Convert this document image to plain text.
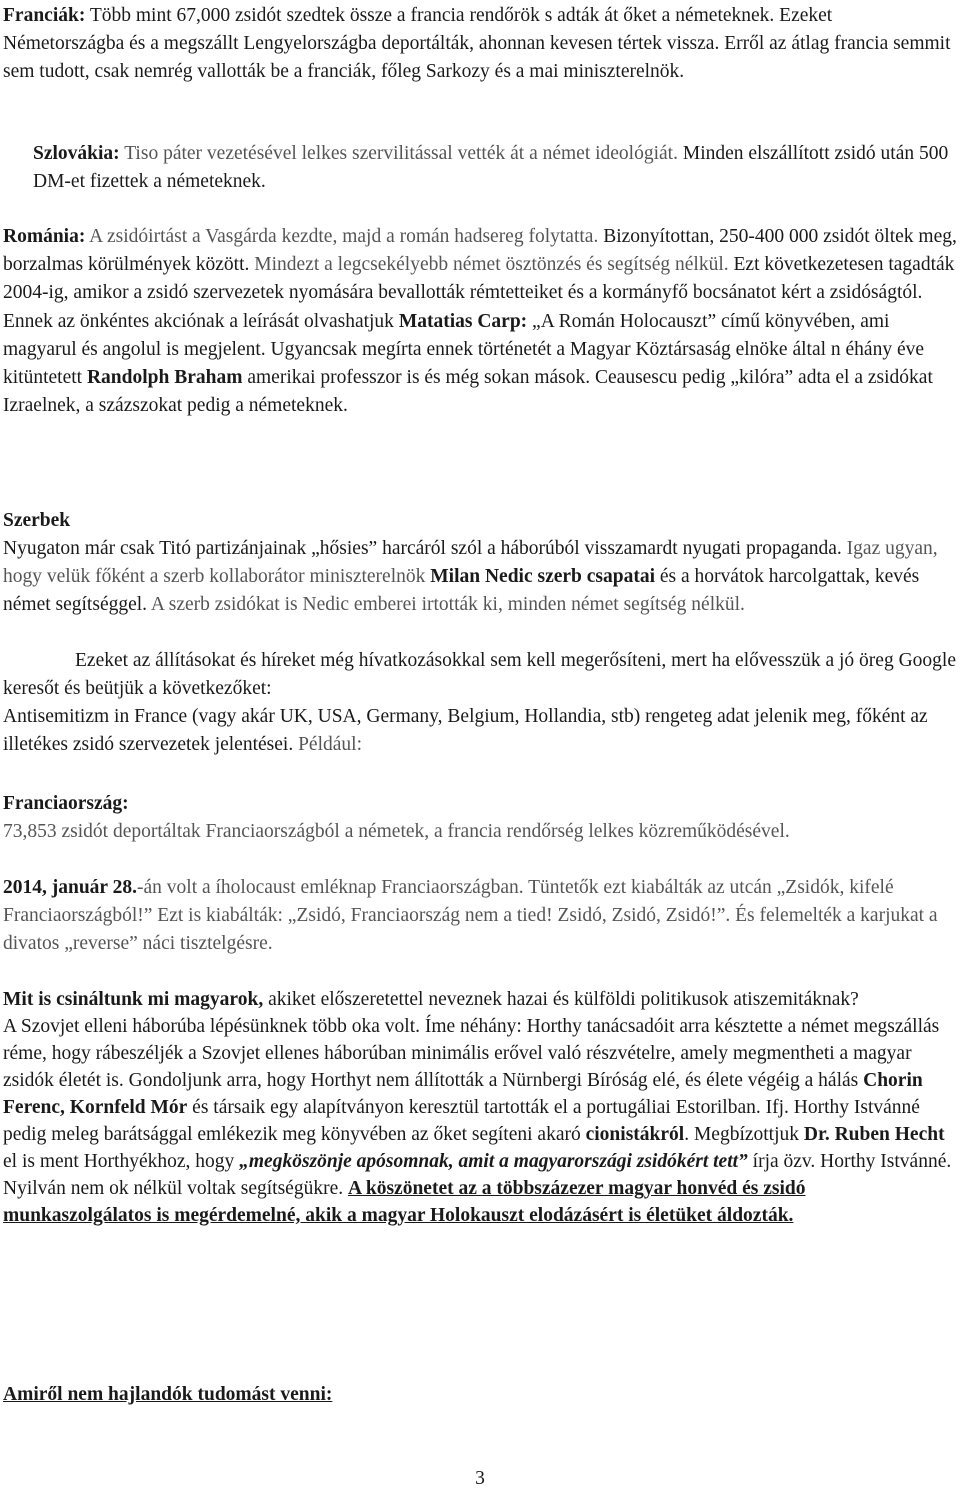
Franciák: Több mint 67,000 zsidót szedtek össze a francia rendőrök s adták át őket a németeknek. Ezeket Németországba és a megszállt Lengyelországba deportálták, ahonnan kevesen tértek vissza. Erről az átlag francia semmit sem tudott, csak nemrég vallották be a franciák, főleg Sarkozy és a mai miniszterelnök.
Szlovákia: Tiso páter vezetésével lelkes szervilitással vették át a német ideológiát. Minden elszállított zsidó után 500 DM-et fizettek a németeknek.
Románia: A zsidóirtást a Vasgárda kezdte, majd a román hadsereg folytatta. Bizonyítottan, 250-400 000 zsidót öltek meg, borzalmas körülmények között. Mindezt a legcsekélyebb német ösztönzés és segítség nélkül. Ezt következetesen tagadták 2004-ig, amikor a zsidó szervezetek nyomására bevallották rémtetteiket és a kormányfő bocsánatot kért a zsidóságtól. Ennek az önkéntes akciónak a leírását olvashatjuk Matatias Carp: „A Román Holocauszt” című könyvében, ami magyarul és angolul is megjelent. Ugyancsak megírta ennek történetét a Magyar Köztársaság elnöke által n éhány éve kitüntetett Randolph Braham amerikai professzor is és még sokan mások. Ceausescu pedig „kilóra” adta el a zsidókat Izraelnek, a százszokat pedig a németeknek.
Szerbek
Nyugaton már csak Titó partizánjainak „hősies” harcáról szól a háborúból visszamardt nyugati propaganda. Igaz ugyan, hogy velük főként a szerb kollaborátor miniszterelnök Milan Nedic szerb csapatai és a horvátok harcolgattak, kevés német segítséggel. A szerb zsidókat is Nedic emberei irtották ki, minden német segítség nélkül.
Ezeket az állításokat és híreket még hívatkozásokkal sem kell megerősíteni, mert ha elővesszük a jó öreg Google keresőt és beütjük a következőket:
Antisemitizm in France (vagy akár UK, USA, Germany, Belgium, Hollandia, stb) rengeteg adat jelenik meg, főként az illetékes zsidó szervezetek jelentései. Például:
Franciaország:
73,853 zsidót deportáltak Franciaországból a németek, a francia rendőrség lelkes közreműködésével.
2014, január 28.-án volt a íholocaust emléknap Franciaországban. Tüntetők ezt kiabálták az utcán „Zsidók, kifelé Franciaországból!” Ezt is kiabálták: „Zsidó, Franciaország nem a tied! Zsidó, Zsidó, Zsidó!”. És felemelték a karjukat a divatos „reverse” náci tisztelgésre.
Mit is csináltunk mi magyarok, akiket előszeretettel neveznek hazai és külföldi politikusok atiszemitáknak?
A Szovjet elleni háborúba lépésünknek több oka volt. Íme néhány: Horthy tanácsadóit arra késztette a német megszállás réme, hogy rábeszéljék a Szovjet ellenes háborúban minimális erővel való részvételre, amely megmentheti a magyar zsidók életét is. Gondoljunk arra, hogy Horthyt nem állították a Nürnbergi Bíróság elé, és élete végéig a hálás Chorin Ferenc, Kornfeld Mór és társaik egy alapítványon keresztül tartották el a portugáliai Estorilban. Ifj. Horthy Istvánné pedig meleg barátsággal emlékezik meg könyvében az őket segíteni akaró cionistákról. Megbízottjuk Dr. Ruben Hecht el is ment Horthyékhoz, hogy „megköszönje apósomnak, amit a magyarországi zsidókért tett” írja özv. Horthy Istvánné. Nyilván nem ok nélkül voltak segítségükre. A köszönetet az a többszázezer magyar honvéd és zsidó munkaszolgálatos is megérdemelné, akik a magyar Holokauszt elodázásért is életüket áldozták.
Amiről nem hajlandók tudomást venni:
3
